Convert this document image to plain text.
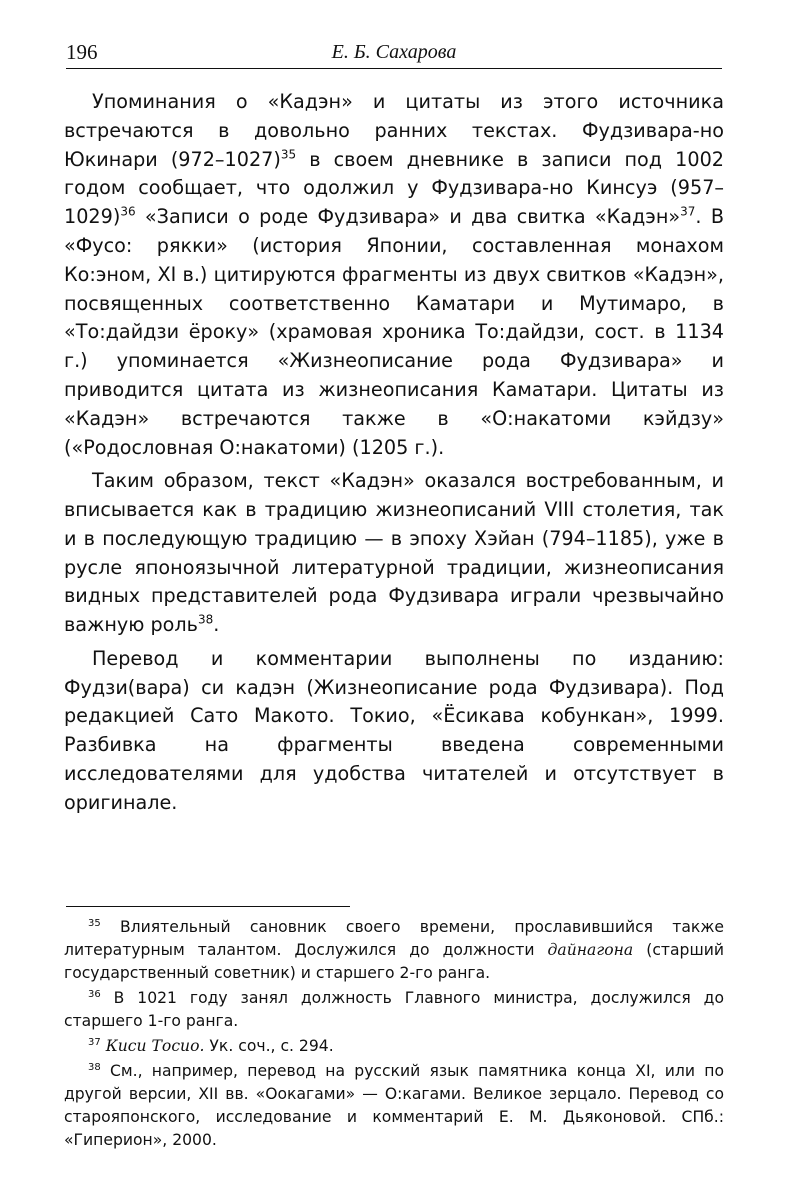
196	Е. Б. Сахарова

Упоминания о «Кадэн» и цитаты из этого источника встречаются в довольно ранних текстах. Фудзивара-но Юкинари $(972-1027)^{35}$ в своем дневнике в записи под 1002 годом сообщает, что одолжил у Фудзивара-но Кинсуэ $(957-1029)^{36}$ «Записи о роде Фудзивара» и два свитка «Кадэн»$^{37}$. В «Фусо: рякки» (история Японии, составленная монахом Ко:эном, XI в.) цитируются фрагменты из двух свитков «Кадэн», посвященных соответственно Каматари и Мутимаро, в «То:дайдзи ёроку» (храмовая хроника То:дайдзи, сост. в 1134 г.) упоминается «Жизнеописание рода Фудзивара» и приводится цитата из жизнеописания Каматари. Цитаты из «Кадэн» встречаются также в «О:накатоми кэйдзу» («Родословная О:накатоми) (1205 г.).

Таким образом, текст «Кадэн» оказался востребованным, и вписывается как в традицию жизнеописаний VIII столетия, так и в последующую традицию — в эпоху Хэйан (794–1185), уже в русле японоязычной литературной традиции, жизнеописания видных представителей рода Фудзивара играли чрезвычайно важную роль$^{38}$.

Перевод и комментарии выполнены по изданию: Фудзи(вара) си кадэн (Жизнеописание рода Фудзивара). Под редакцией Сато Макото. Токио, «Ёсикава кобункан», 1999. Разбивка на фрагменты введена современными исследователями для удобства читателей и отсутствует в оригинале.

$^{35}$ Влиятельный сановник своего времени, прославившийся также литературным талантом. Дослужился до должности дайнагона (старший государственный советник) и старшего 2-го ранга.

$^{36}$ В 1021 году занял должность Главного министра, дослужился до старшего 1-го ранга.

$^{37}$ Киси Тосио. Ук. соч., с. 294.

$^{38}$ См., например, перевод на русский язык памятника конца XI, или по другой версии, XII вв. «Оокагами» — О:кагами. Великое зерцало. Перевод со старояпонского, исследование и комментарий Е. М. Дьяконовой. СПб.: «Гиперион», 2000.
